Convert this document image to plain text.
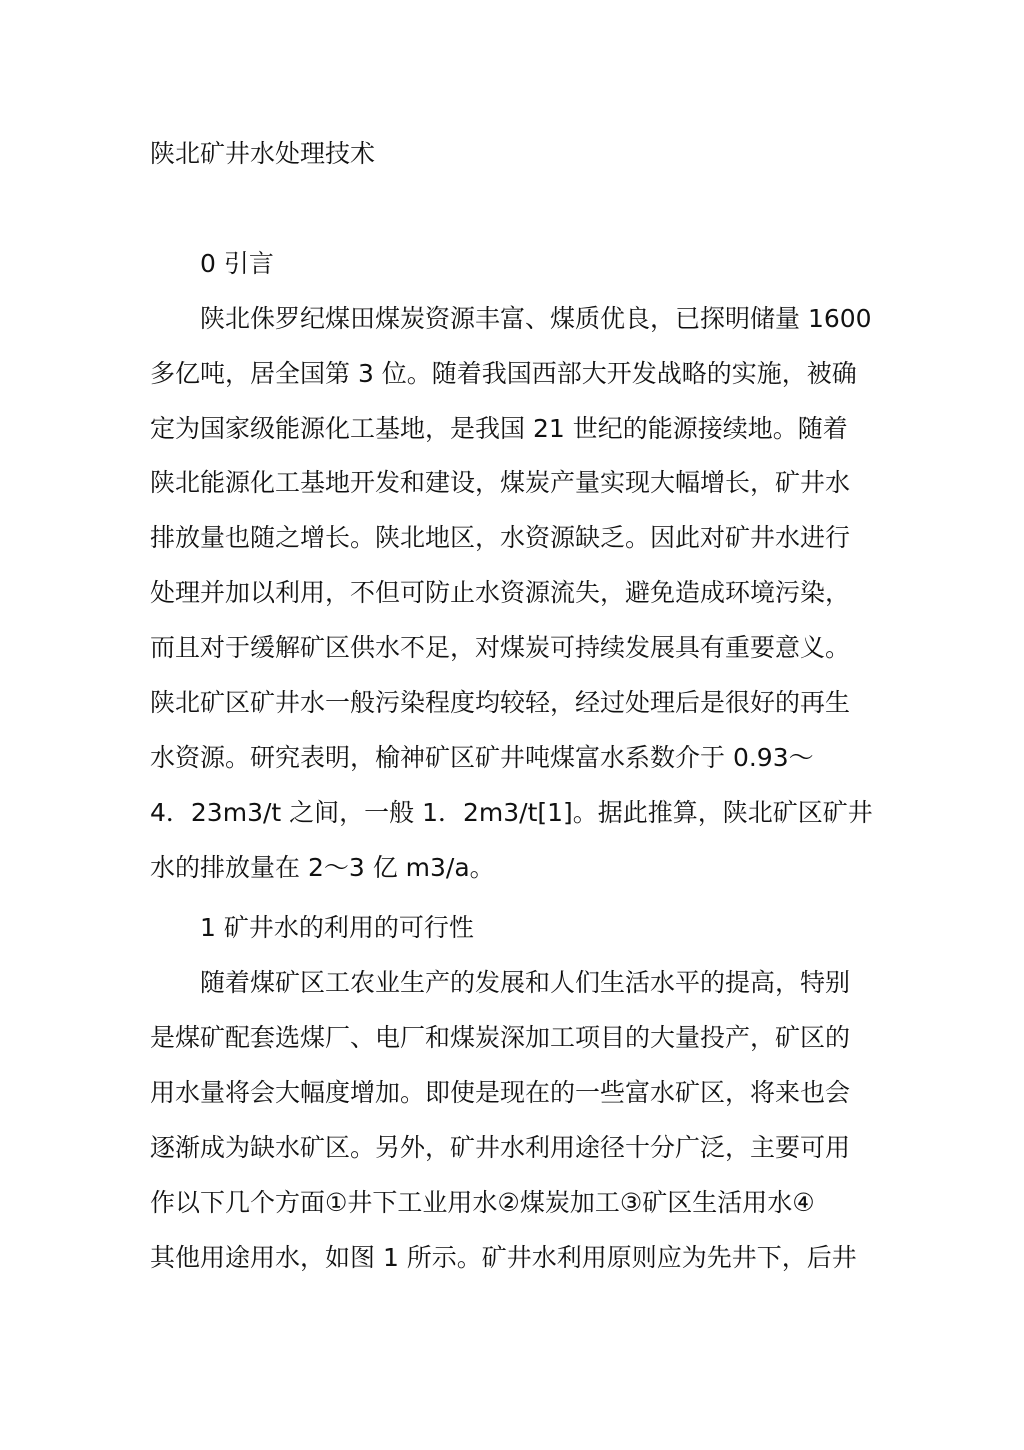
陕北矿井水处理技术
0 引言
陕北侏罗纪煤田煤炭资源丰富、煤质优良，已探明储量 1600
多亿吨，居全国第 3 位。随着我国西部大开发战略的实施，被确
定为国家级能源化工基地，是我国 21 世纪的能源接续地。随着
陕北能源化工基地开发和建设，煤炭产量实现大幅增长，矿井水
排放量也随之增长。陕北地区，水资源缺乏。因此对矿井水进行
处理并加以利用，不但可防止水资源流失，避免造成环境污染，
而且对于缓解矿区供水不足，对煤炭可持续发展具有重要意义。
陕北矿区矿井水一般污染程度均较轻，经过处理后是很好的再生
水资源。研究表明，榆神矿区矿井吨煤富水系数介于 0.93～
4．23m3/t 之间，一般 1．2m3/t[1]。据此推算，陕北矿区矿井
水的排放量在 2～3 亿 m3/a。
1 矿井水的利用的可行性
随着煤矿区工农业生产的发展和人们生活水平的提高，特别
是煤矿配套选煤厂、电厂和煤炭深加工项目的大量投产，矿区的
用水量将会大幅度增加。即使是现在的一些富水矿区，将来也会
逐渐成为缺水矿区。另外，矿井水利用途径十分广泛，主要可用
作以下几个方面①井下工业用水②煤炭加工③矿区生活用水④
其他用途用水，如图 1 所示。矿井水利用原则应为先井下，后井
